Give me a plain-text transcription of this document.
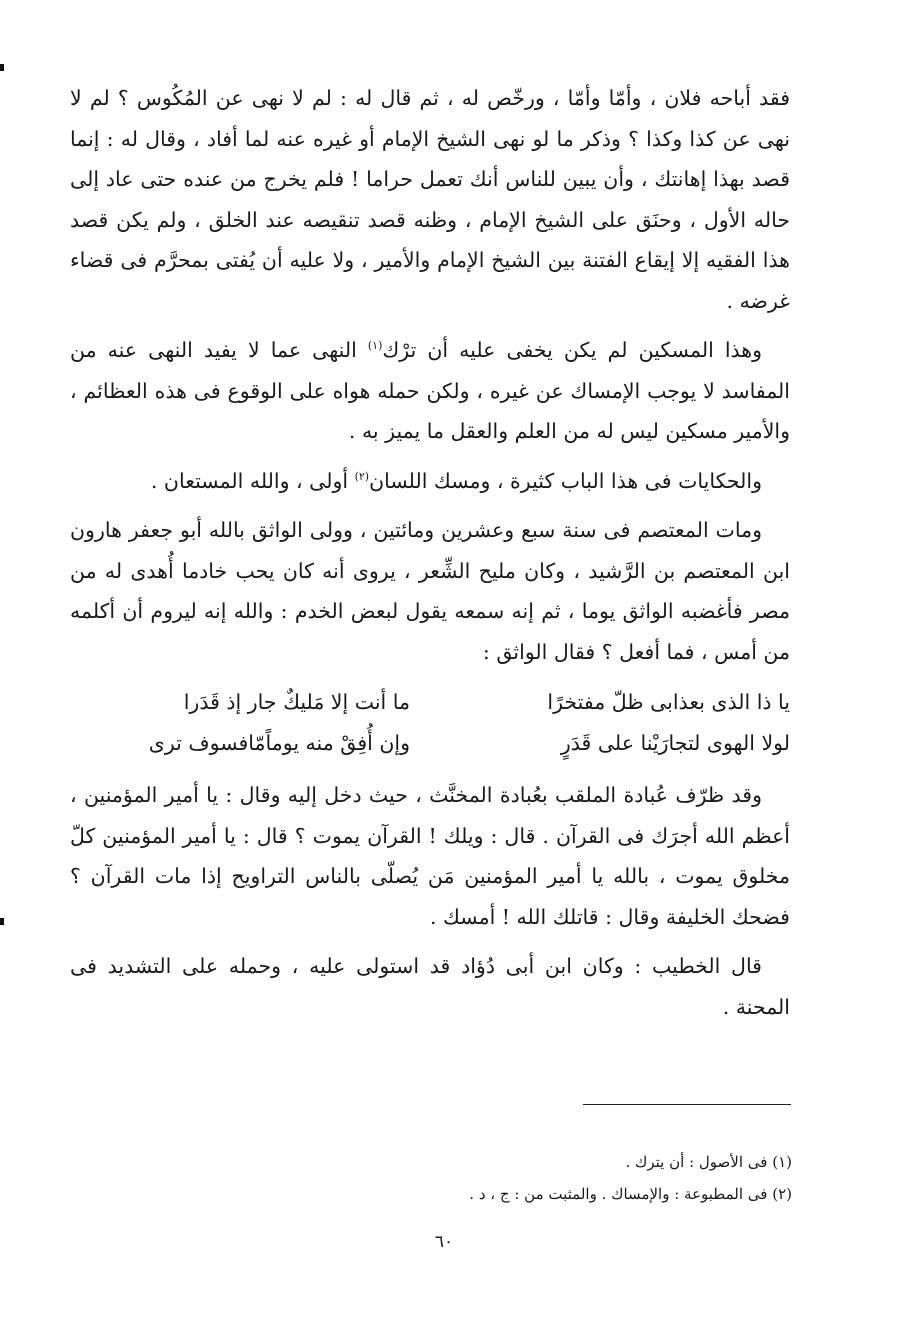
فقد أباحه فلان ، وأمّا وأمّا ، ورخّص له ، ثم قال له : لم لا نهى عن المُكُوس ؟ لم لا نهى عن كذا وكذا ؟ وذكر ما لو نهى الشيخ الإمام أو غيره عنه لما أفاد ، وقال له : إنما قصد بهذا إهانتك ، وأن يبين للناس أنك تعمل حراما ! فلم يخرج من عنده حتى عاد إلى حاله الأول ، وحنَق على الشيخ الإمام ، وظنه قصد تنقيصه عند الخلق ، ولم يكن قصد هذا الفقيه إلا إيقاع الفتنة بين الشيخ الإمام والأمير ، ولا عليه أن يُفتى بمحرَّم فى قضاء غرضه .

وهذا المسكين لم يكن يخفى عليه أن ترْك$^{(١)}$ النهى عما لا يفيد النهى عنه من المفاسد لا يوجب الإمساك عن غيره ، ولكن حمله هواه على الوقوع فى هذه العظائم ، والأمير مسكين ليس له من العلم والعقل ما يميز به .

والحكايات فى هذا الباب كثيرة ، ومسك اللسان$^{(٢)}$ أولى ، والله المستعان .

ومات المعتصم فى سنة سبع وعشرين ومائتين ، وولى الواثق بالله أبو جعفر هارون ابن المعتصم بن الرَّشيد ، وكان مليح الشِّعر ، يروى أنه كان يحب خادما أُهدى له من مصر فأغضبه الواثق يوما ، ثم إنه سمعه يقول لبعض الخدم : والله إنه ليروم أن أكلمه من أمس ، فما أفعل ؟ فقال الواثق :

يا ذا الذى بعذابى ظلّ مفتخرًا
ما أنت إلا مَليكٌ جار إذ قَدَرا
لولا الهوى لتجارَيْنا على قَدَرٍ
وإن أُفِقْ منه يوماًمّافسوف ترى

وقد ظرّف عُبادة الملقب بعُبادة المخنَّث ، حيث دخل إليه وقال : يا أمير المؤمنين ، أعظم الله أجرَك فى القرآن . قال : ويلك ! القرآن يموت ؟ قال : يا أمير المؤمنين كلّ مخلوق يموت ، بالله يا أمير المؤمنين مَن يُصلّى بالناس التراويح إذا مات القرآن ؟ فضحك الخليفة وقال : قاتلك الله ! أمسك .

قال الخطيب : وكان ابن أبى دُؤاد قد استولى عليه ، وحمله على التشديد فى المحنة .

(١) فى الأصول : أن يترك .
(٢) فى المطبوعة : والإمساك . والمثبت من : ج ، د .
٦٠
